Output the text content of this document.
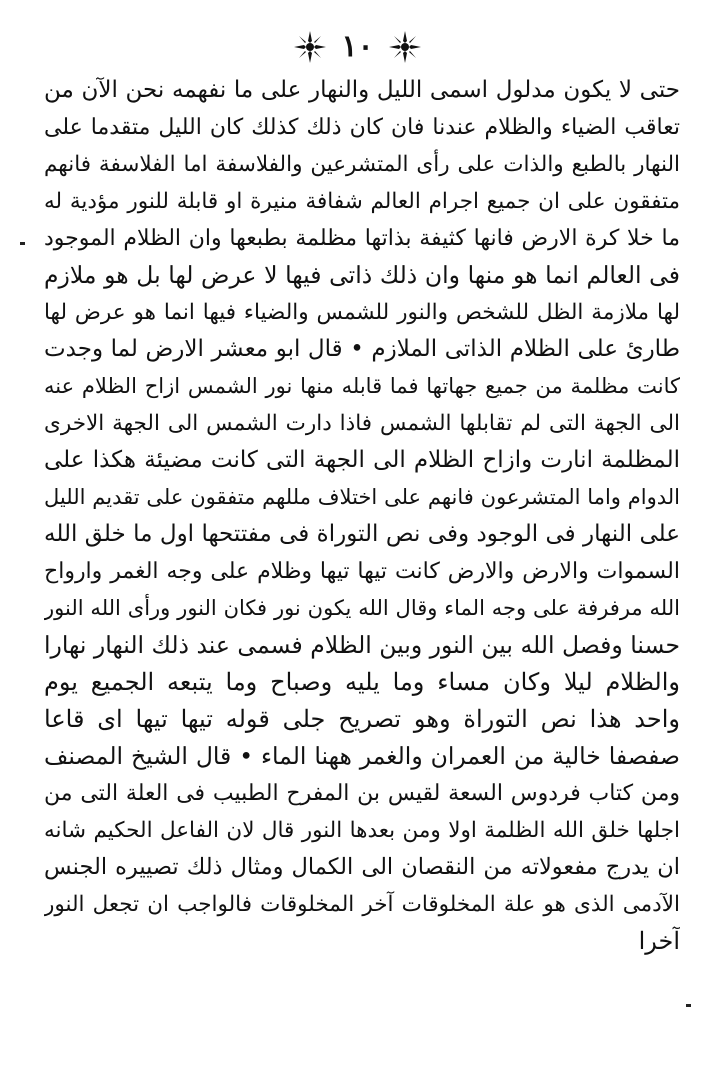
١٠
حتى لا يكون مدلول اسمى الليل والنهار على ما نفهمه نحن الآن من
تعاقب الضياء والظلام عندنا فان كان ذلك كذلك كان الليل متقدما على
النهار بالطبع والذات على رأى المتشرعين والفلاسفة اما الفلاسفة فانهم
متفقون على ان جميع اجرام العالم شفافة منيرة او قابلة للنور مؤدية له
ما خلا كرة الارض فانها كثيفة بذاتها مظلمة بطبعها وان الظلام الموجود
فى العالم انما هو منها وان ذلك ذاتى فيها لا عرض لها بل هو ملازم
لها ملازمة الظل للشخص والنور للشمس والضياء فيها انما هو عرض لها
طارئ على الظلام الذاتى الملازم • قال ابو معشر الارض لما وجدت
كانت مظلمة من جميع جهاتها فما قابله منها نور الشمس ازاح الظلام عنه
الى الجهة التى لم تقابلها الشمس فاذا دارت الشمس الى الجهة الاخرى
المظلمة انارت وازاح الظلام الى الجهة التى كانت مضيئة هكذا على
الدوام واما المتشرعون فانهم على اختلاف مللهم متفقون على تقديم الليل
على النهار فى الوجود وفى نص التوراة فى مفتتحها اول ما خلق الله
السموات والارض والارض كانت تيها تيها وظلام على وجه الغمر وارواح
الله مرفرفة على وجه الماء وقال الله يكون نور فكان النور ورأى الله النور
حسنا وفصل الله بين النور وبين الظلام فسمى عند ذلك النهار نهارا
والظلام ليلا وكان مساء وما يليه وصباح وما يتبعه الجميع يوم
واحد هذا نص التوراة وهو تصريح جلى قوله تيها تيها اى قاعا
صفصفا خالية من العمران والغمر ههنا الماء • قال الشيخ المصنف
ومن كتاب فردوس السعة لقيس بن المفرح الطبيب فى العلة التى من
اجلها خلق الله الظلمة اولا ومن بعدها النور قال لان الفاعل الحكيم شانه
ان يدرج مفعولاته من النقصان الى الكمال ومثال ذلك تصييره الجنس
الآدمى الذى هو علة المخلوقات آخر المخلوقات فالواجب ان تجعل النور
آخرا
